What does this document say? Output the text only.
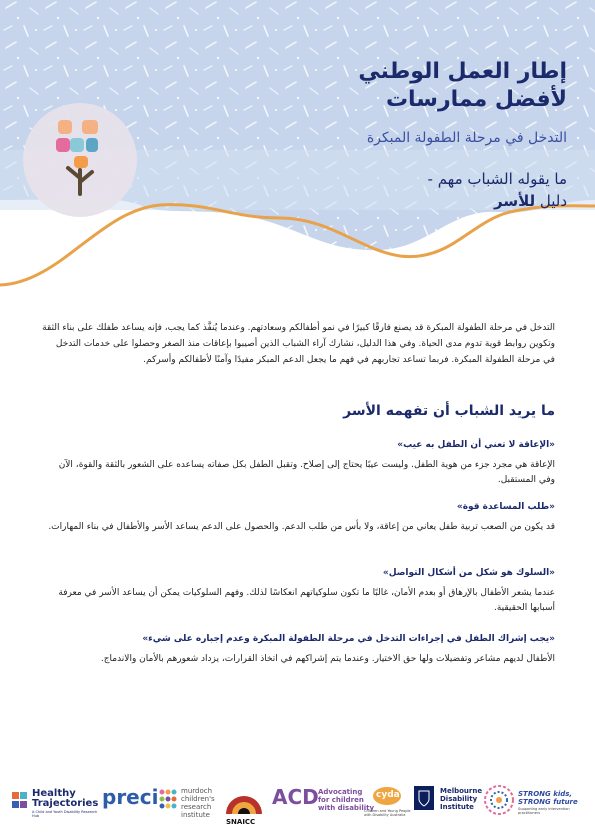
إطار العمل الوطني
لأفضل ممارسات
التدخل في مرحلة الطفولة المبكرة
ما يقوله الشباب مهم -
دليل للأسر
التدخل في مرحلة الطفولة المبكرة قد يصنع فارقًا كبيرًا في نمو أطفالكم وسعادتهم. وعندما يُنفَّذ كما يجب، فإنه يساعد طفلك على بناء الثقة وتكوين روابط قوية تدوم مدى الحياة. وفي هذا الدليل، نشارك آراء الشباب الذين أصيبوا بإعاقات منذ الصغر وحصلوا على خدمات التدخل في مرحلة الطفولة المبكرة. فربما تساعد تجاربهم في فهم ما يجعل الدعم المبكر مفيدًا وآمنًا لأطفالكم وأسركم.
ما يريد الشباب أن تفهمه الأسر
«الإعاقة لا تعني أن الطفل به عيب»
الإعاقة هي مجرد جزء من هوية الطفل. وليست عيبًا يحتاج إلى إصلاح. وتقبل الطفل بكل صفاته يساعده على الشعور بالثقة والقوة، الآن وفي المستقبل.
«طلب المساعدة قوة»
قد يكون من الصعب تربية طفل يعاني من إعاقة، ولا بأس من طلب الدعم. والحصول على الدعم يساعد الأسر والأطفال في بناء المهارات.
«السلوك هو شكل من أشكال التواصل»
عندما يشعر الأطفال بالإرهاق أو بعدم الأمان، غالبًا ما تكون سلوكياتهم انعكاسًا لذلك. وفهم السلوكيات يمكن أن يساعد الأسر في معرفة أسبابها الحقيقية.
«يجب إشراك الطفل في إجراءات التدخل في مرحلة الطفولة المبكرة وعدم إجباره على شيء»
الأطفال لديهم مشاعر وتفضيلات ولها حق الاختيار. وعندما يتم إشراكهم في اتخاذ القرارات، يزداد شعورهم بالأمان والاندماج.
Healthy
Trajectories
A Child and Youth Disability Research Hub
preci	murdoch
children's
research
institute
SNAICC
ACD Advocating
for children
with disability
cyda
Children and Young People with Disability Australia
Melbourne
Disability
Institute
STRONG kids,
STRONG future
Supporting early intervention practitioners
